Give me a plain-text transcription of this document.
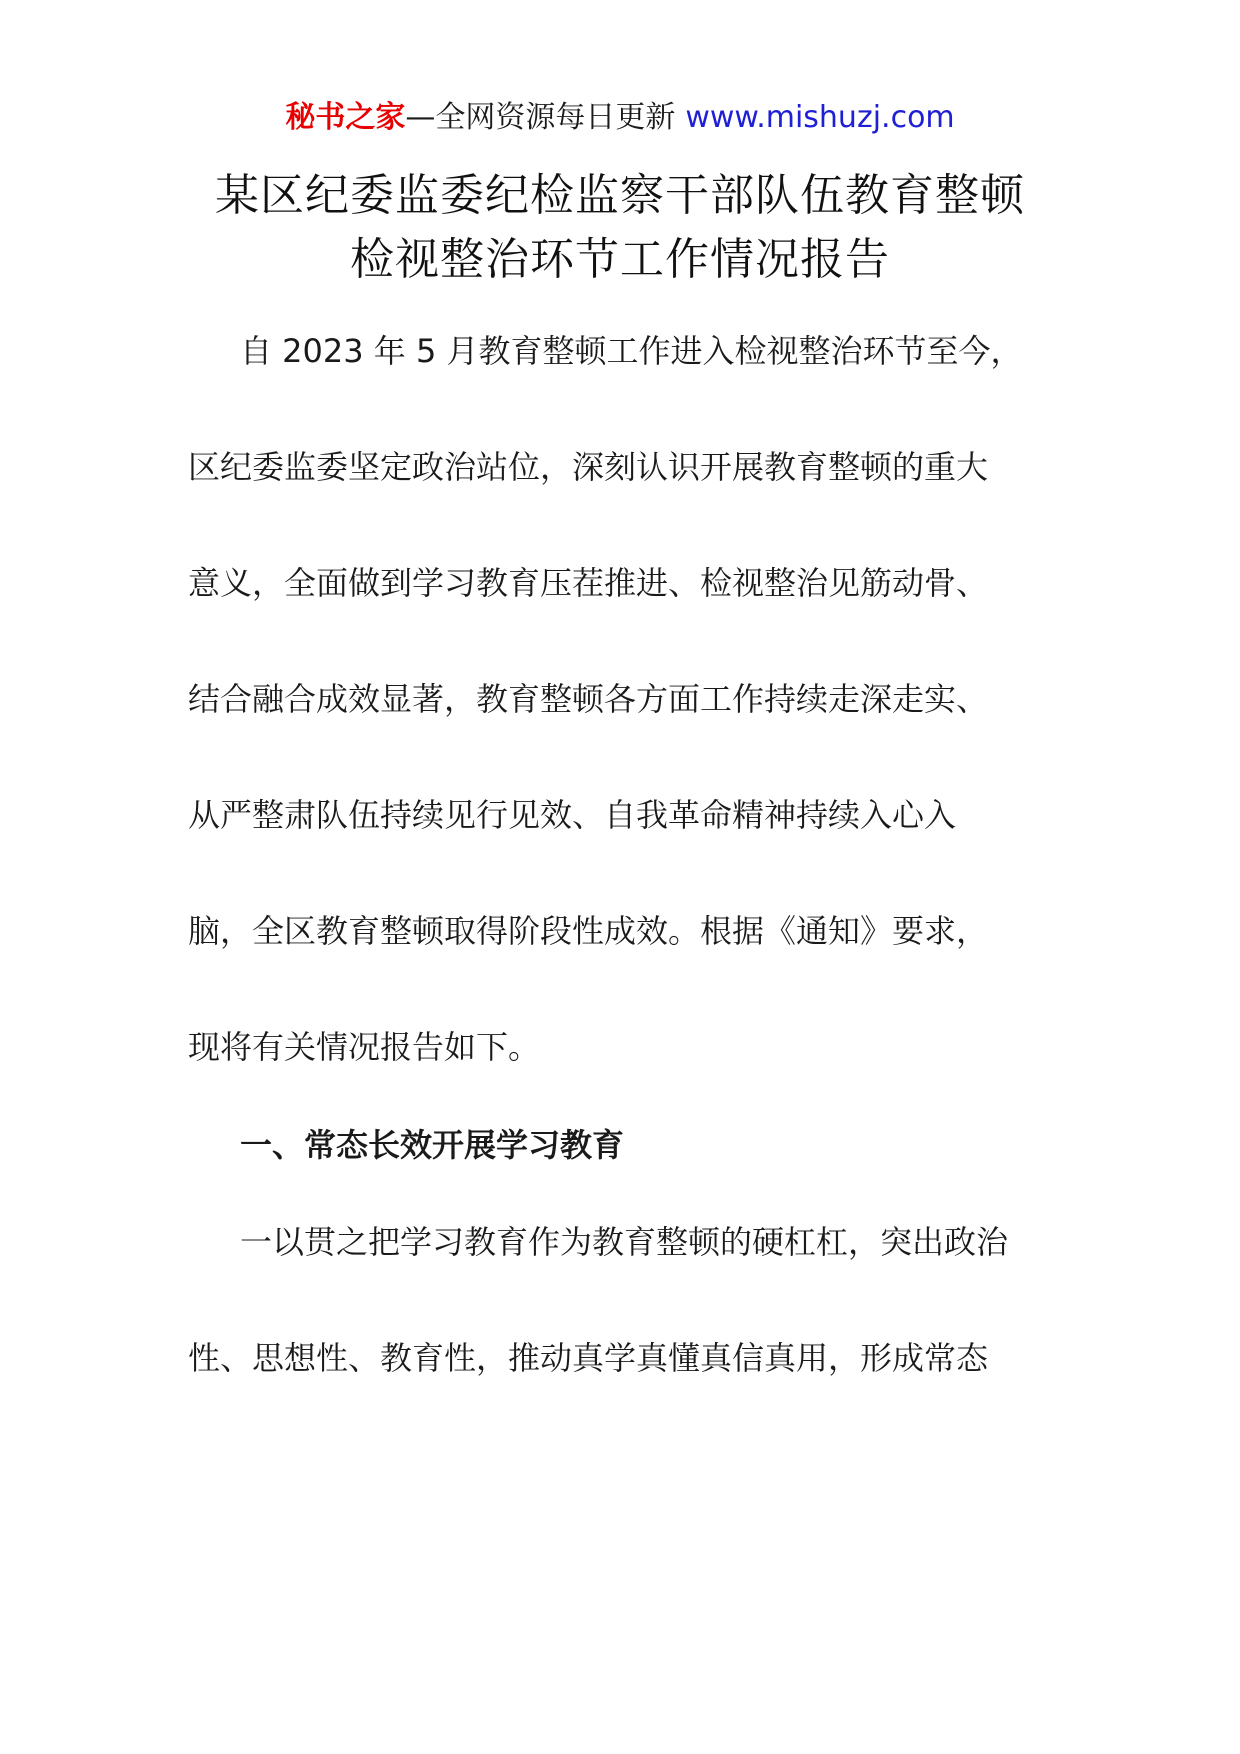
秘书之家—全网资源每日更新 www.mishuzj.com
某区纪委监委纪检监察干部队伍教育整顿
检视整治环节工作情况报告
自 2023 年 5 月教育整顿工作进入检视整治环节至今，
区纪委监委坚定政治站位，深刻认识开展教育整顿的重大
意义，全面做到学习教育压茬推进、检视整治见筋动骨、
结合融合成效显著，教育整顿各方面工作持续走深走实、
从严整肃队伍持续见行见效、自我革命精神持续入心入
脑，全区教育整顿取得阶段性成效。根据《通知》要求，
现将有关情况报告如下。
一、常态长效开展学习教育
一以贯之把学习教育作为教育整顿的硬杠杠，突出政治
性、思想性、教育性，推动真学真懂真信真用，形成常态
